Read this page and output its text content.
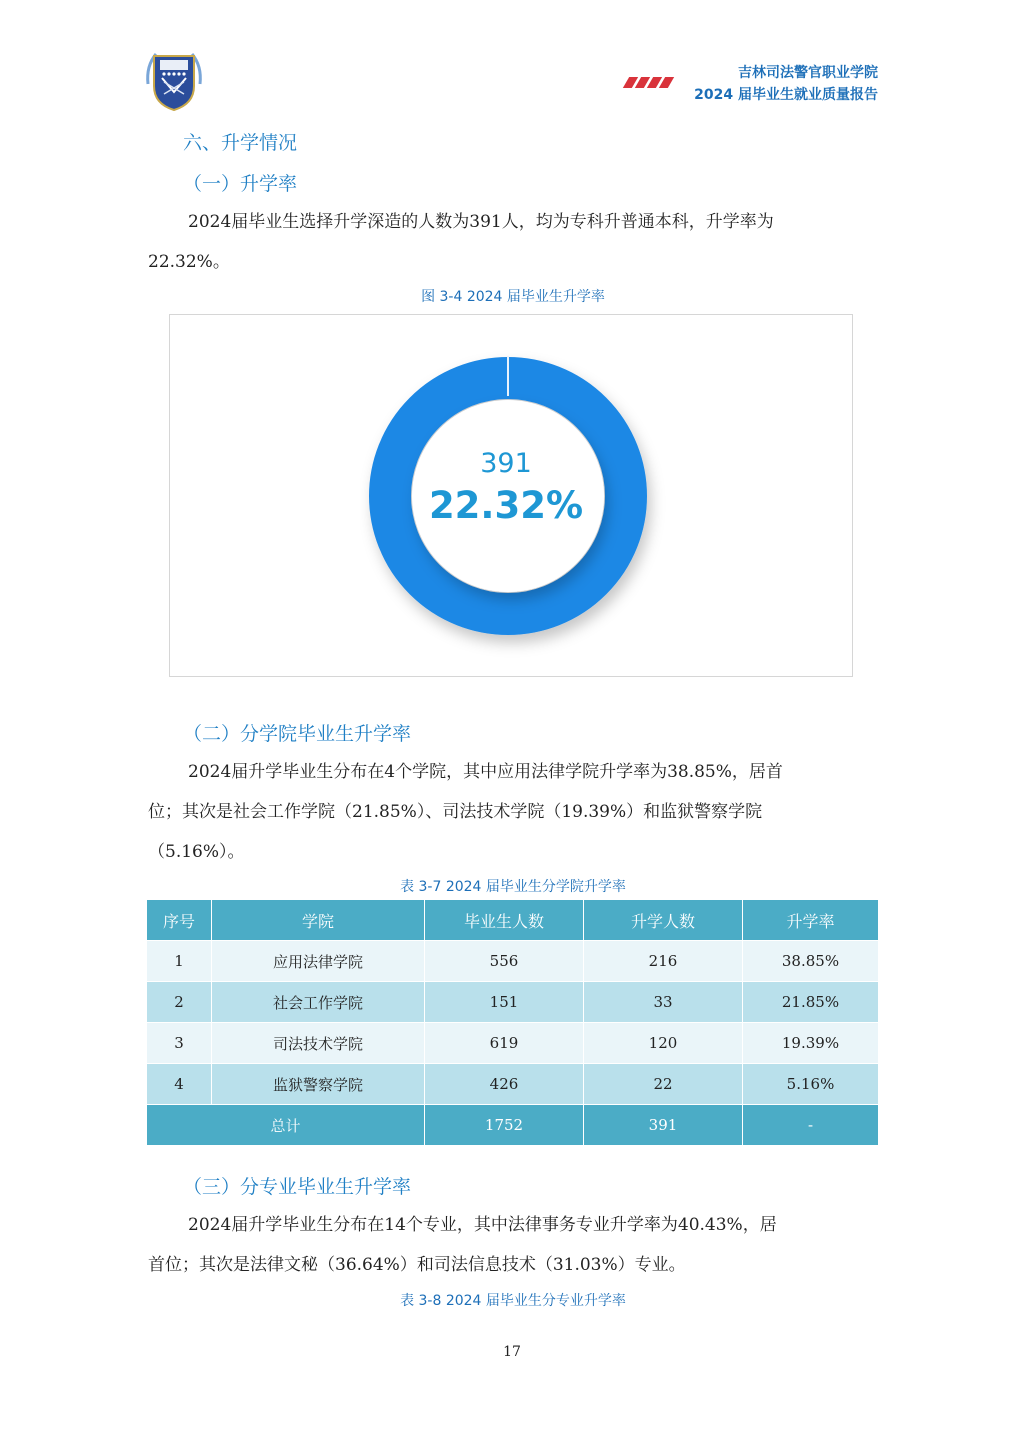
吉林司法警官职业学院
2024 届毕业生就业质量报告
六、升学情况
（一）升学率
2024届毕业生选择升学深造的人数为391人，均为专科升普通本科，升学率为
22.32%。
图 3-4 2024 届毕业生升学率
391
22.32%
（二）分学院毕业生升学率
2024届升学毕业生分布在4个学院，其中应用法律学院升学率为38.85%，居首
位；其次是社会工作学院（21.85%）、司法技术学院（19.39%）和监狱警察学院
（5.16%）。
表 3-7 2024 届毕业生分学院升学率
序号	学院	毕业生人数	升学人数	升学率
1	应用法律学院	556	216	38.85%
2	社会工作学院	151	33	21.85%
3	司法技术学院	619	120	19.39%
4	监狱警察学院	426	22	5.16%
总计		1752	391	-
（三）分专业毕业生升学率
2024届升学毕业生分布在14个专业，其中法律事务专业升学率为40.43%，居
首位；其次是法律文秘（36.64%）和司法信息技术（31.03%）专业。
表 3-8 2024 届毕业生分专业升学率
17
